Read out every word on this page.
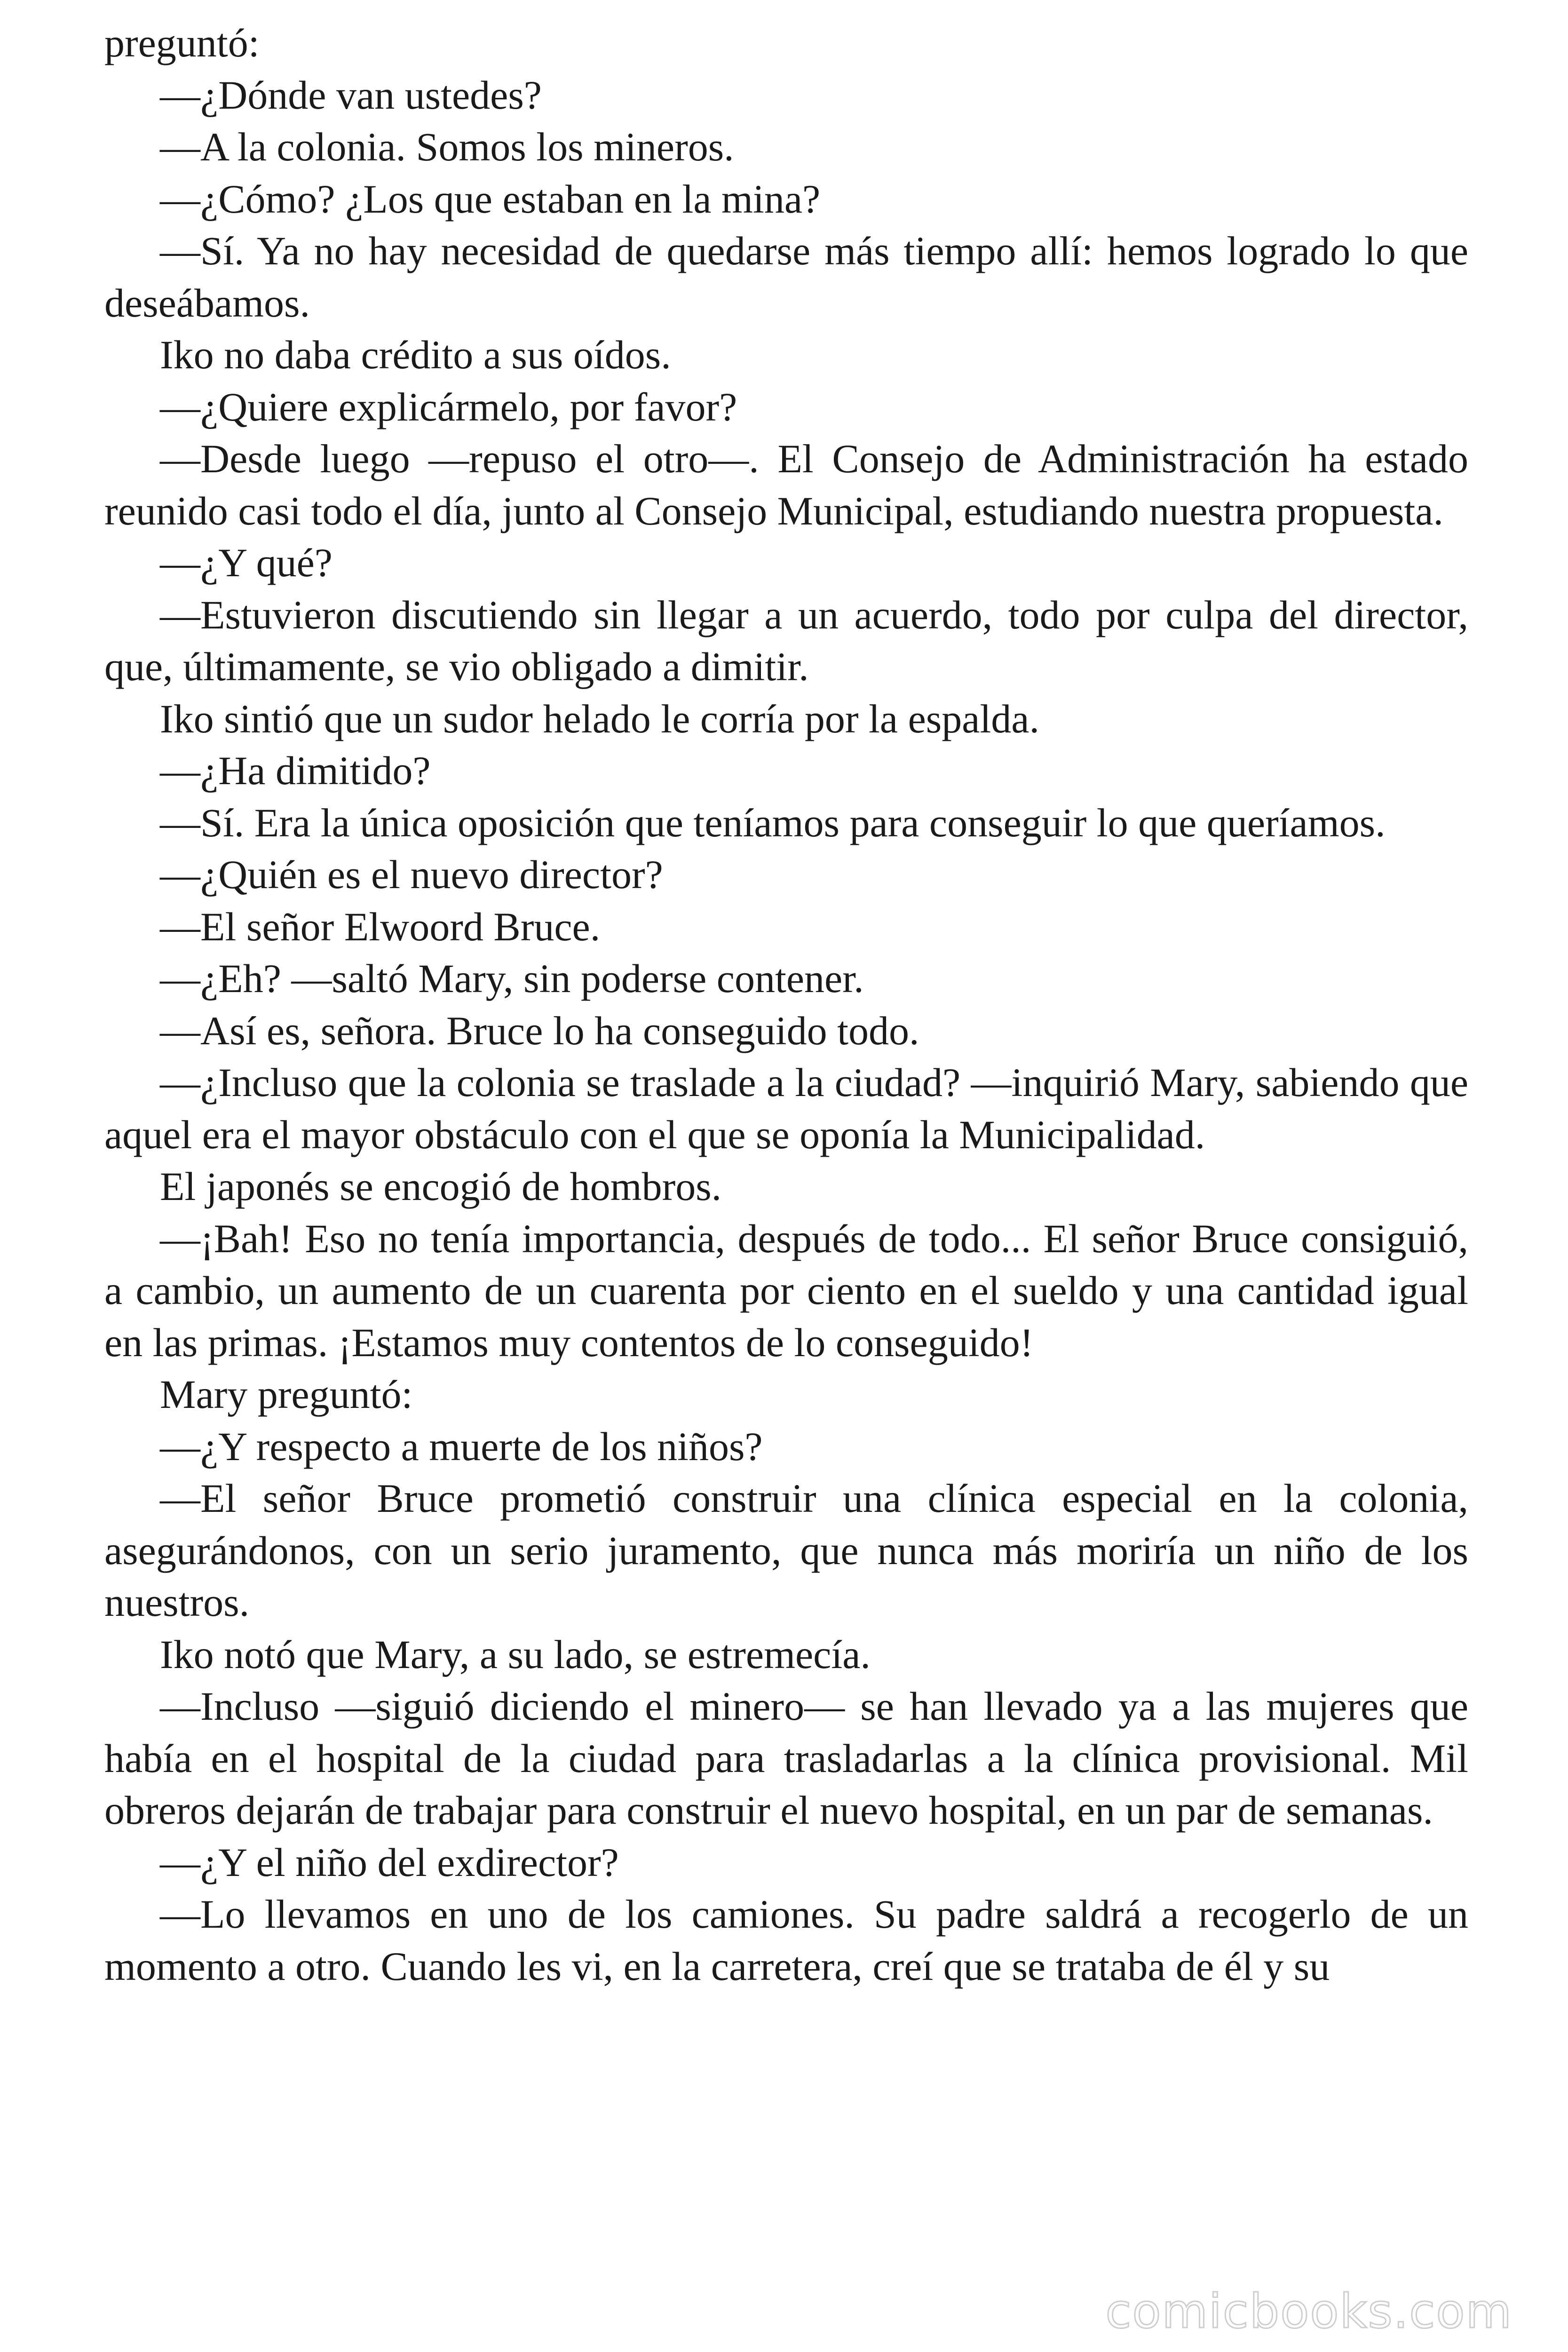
preguntó:

—¿Dónde van ustedes?

—A la colonia. Somos los mineros.

—¿Cómo? ¿Los que estaban en la mina?

—Sí. Ya no hay necesidad de quedarse más tiempo allí: hemos logrado lo que deseábamos.

Iko no daba crédito a sus oídos.

—¿Quiere explicármelo, por favor?

—Desde luego —repuso el otro—. El Consejo de Administración ha estado reunido casi todo el día, junto al Consejo Municipal, estudiando nuestra propuesta.

—¿Y qué?

—Estuvieron discutiendo sin llegar a un acuerdo, todo por culpa del director, que, últimamente, se vio obligado a dimitir.

Iko sintió que un sudor helado le corría por la espalda.

—¿Ha dimitido?

—Sí. Era la única oposición que teníamos para conseguir lo que queríamos.

—¿Quién es el nuevo director?

—El señor Elwoord Bruce.

—¿Eh? —saltó Mary, sin poderse contener.

—Así es, señora. Bruce lo ha conseguido todo.

—¿Incluso que la colonia se traslade a la ciudad? —inquirió Mary, sabiendo que aquel era el mayor obstáculo con el que se oponía la Municipalidad.

El japonés se encogió de hombros.

—¡Bah! Eso no tenía importancia, después de todo... El señor Bruce consiguió, a cambio, un aumento de un cuarenta por ciento en el sueldo y una cantidad igual en las primas. ¡Estamos muy contentos de lo conseguido!

Mary preguntó:

—¿Y respecto a muerte de los niños?

—El señor Bruce prometió construir una clínica especial en la colonia, asegurándonos, con un serio juramento, que nunca más moriría un niño de los nuestros.

Iko notó que Mary, a su lado, se estremecía.

—Incluso —siguió diciendo el minero— se han llevado ya a las mujeres que había en el hospital de la ciudad para trasladarlas a la clínica provisional. Mil obreros dejarán de trabajar para construir el nuevo hospital, en un par de semanas.

—¿Y el niño del exdirector?

—Lo llevamos en uno de los camiones. Su padre saldrá a recogerlo de un momento a otro. Cuando les vi, en la carretera, creí que se trataba de él y su

comicbooks.com
